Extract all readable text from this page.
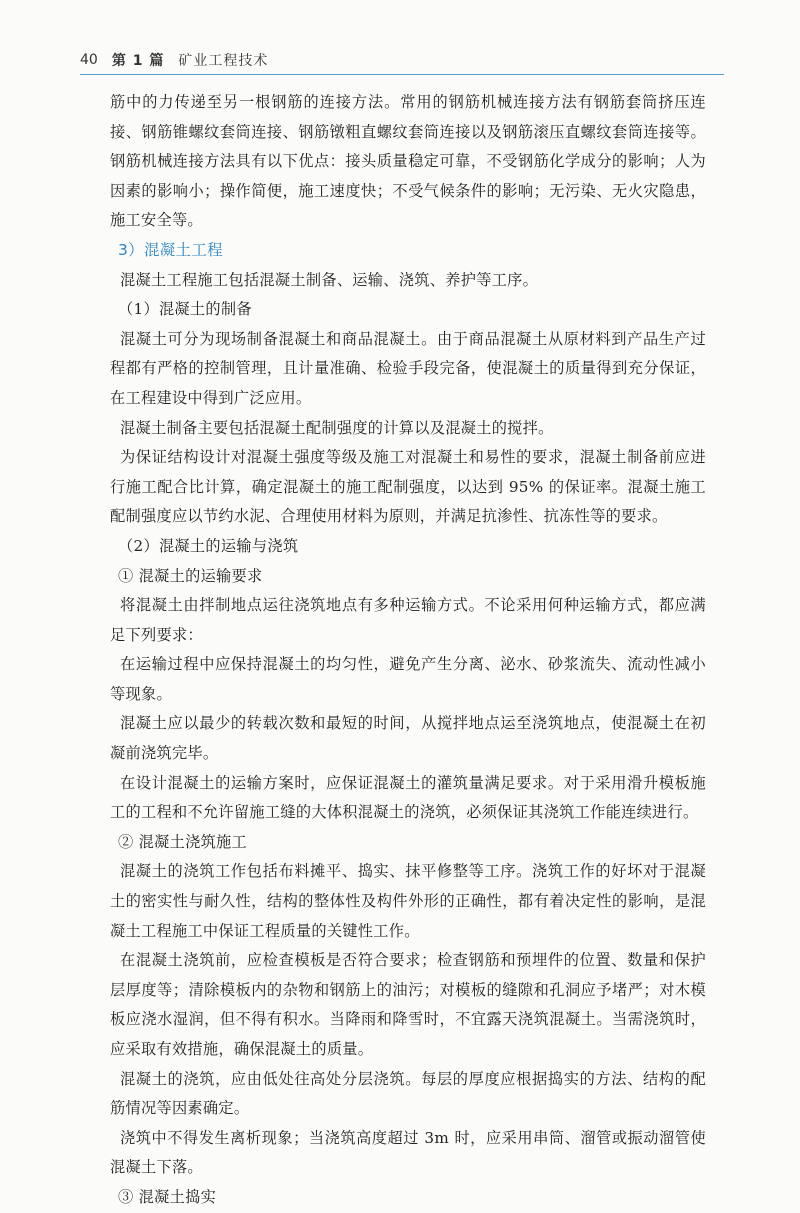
40 第 1 篇 矿业工程技术

筋中的力传递至另一根钢筋的连接方法。常用的钢筋机械连接方法有钢筋套筒挤压连接、钢筋锥螺纹套筒连接、钢筋镦粗直螺纹套筒连接以及钢筋滚压直螺纹套筒连接等。钢筋机械连接方法具有以下优点：接头质量稳定可靠，不受钢筋化学成分的影响；人为因素的影响小；操作简便，施工速度快；不受气候条件的影响；无污染、无火灾隐患，施工安全等。

3）混凝土工程

混凝土工程施工包括混凝土制备、运输、浇筑、养护等工序。

（1）混凝土的制备

混凝土可分为现场制备混凝土和商品混凝土。由于商品混凝土从原材料到产品生产过程都有严格的控制管理，且计量准确、检验手段完备，使混凝土的质量得到充分保证，在工程建设中得到广泛应用。

混凝土制备主要包括混凝土配制强度的计算以及混凝土的搅拌。

为保证结构设计对混凝土强度等级及施工对混凝土和易性的要求，混凝土制备前应进行施工配合比计算，确定混凝土的施工配制强度，以达到 95% 的保证率。混凝土施工配制强度应以节约水泥、合理使用材料为原则，并满足抗渗性、抗冻性等的要求。

（2）混凝土的运输与浇筑

① 混凝土的运输要求

将混凝土由拌制地点运往浇筑地点有多种运输方式。不论采用何种运输方式，都应满足下列要求：

在运输过程中应保持混凝土的均匀性，避免产生分离、泌水、砂浆流失、流动性减小等现象。

混凝土应以最少的转载次数和最短的时间，从搅拌地点运至浇筑地点，使混凝土在初凝前浇筑完毕。

在设计混凝土的运输方案时，应保证混凝土的灌筑量满足要求。对于采用滑升模板施工的工程和不允许留施工缝的大体积混凝土的浇筑，必须保证其浇筑工作能连续进行。

② 混凝土浇筑施工

混凝土的浇筑工作包括布料摊平、捣实、抹平修整等工序。浇筑工作的好坏对于混凝土的密实性与耐久性，结构的整体性及构件外形的正确性，都有着决定性的影响，是混凝土工程施工中保证工程质量的关键性工作。

在混凝土浇筑前，应检查模板是否符合要求；检查钢筋和预埋件的位置、数量和保护层厚度等；清除模板内的杂物和钢筋上的油污；对模板的缝隙和孔洞应予堵严；对木模板应浇水湿润，但不得有积水。当降雨和降雪时，不宜露天浇筑混凝土。当需浇筑时，应采取有效措施，确保混凝土的质量。

混凝土的浇筑，应由低处往高处分层浇筑。每层的厚度应根据捣实的方法、结构的配筋情况等因素确定。

浇筑中不得发生离析现象；当浇筑高度超过 3m 时，应采用串筒、溜管或振动溜管使混凝土下落。

③ 混凝土捣实
